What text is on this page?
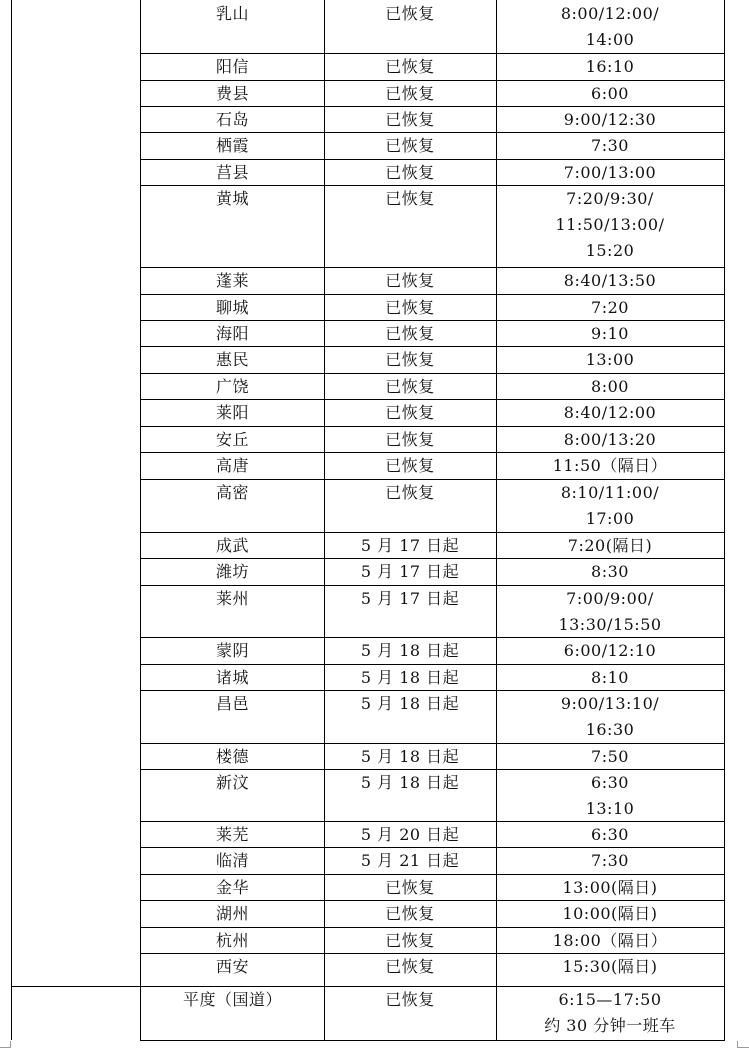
乳山	已恢复	8:00/12:00/
14:00
阳信	已恢复	16:10
费县	已恢复	6:00
石岛	已恢复	9:00/12:30
栖霞	已恢复	7:30
莒县	已恢复	7:00/13:00
黄城	已恢复	7:20/9:30/
11:50/13:00/
15:20
蓬莱	已恢复	8:40/13:50
聊城	已恢复	7:20
海阳	已恢复	9:10
惠民	已恢复	13:00
广饶	已恢复	8:00
莱阳	已恢复	8:40/12:00
安丘	已恢复	8:00/13:20
高唐	已恢复	11:50（隔日）
高密	已恢复	8:10/11:00/
17:00
成武	5 月 17 日起	7:20(隔日)
潍坊	5 月 17 日起	8:30
莱州	5 月 17 日起	7:00/9:00/
13:30/15:50
蒙阴	5 月 18 日起	6:00/12:10
诸城	5 月 18 日起	8:10
昌邑	5 月 18 日起	9:00/13:10/
16:30
楼德	5 月 18 日起	7:50
新汶	5 月 18 日起	6:30
13:10
莱芜	5 月 20 日起	6:30
临清	5 月 21 日起	7:30
金华	已恢复	13:00(隔日)
湖州	已恢复	10:00(隔日)
杭州	已恢复	18:00（隔日）
西安	已恢复	15:30(隔日)
平度（国道）	已恢复	6:15—17:50
约 30 分钟一班车
